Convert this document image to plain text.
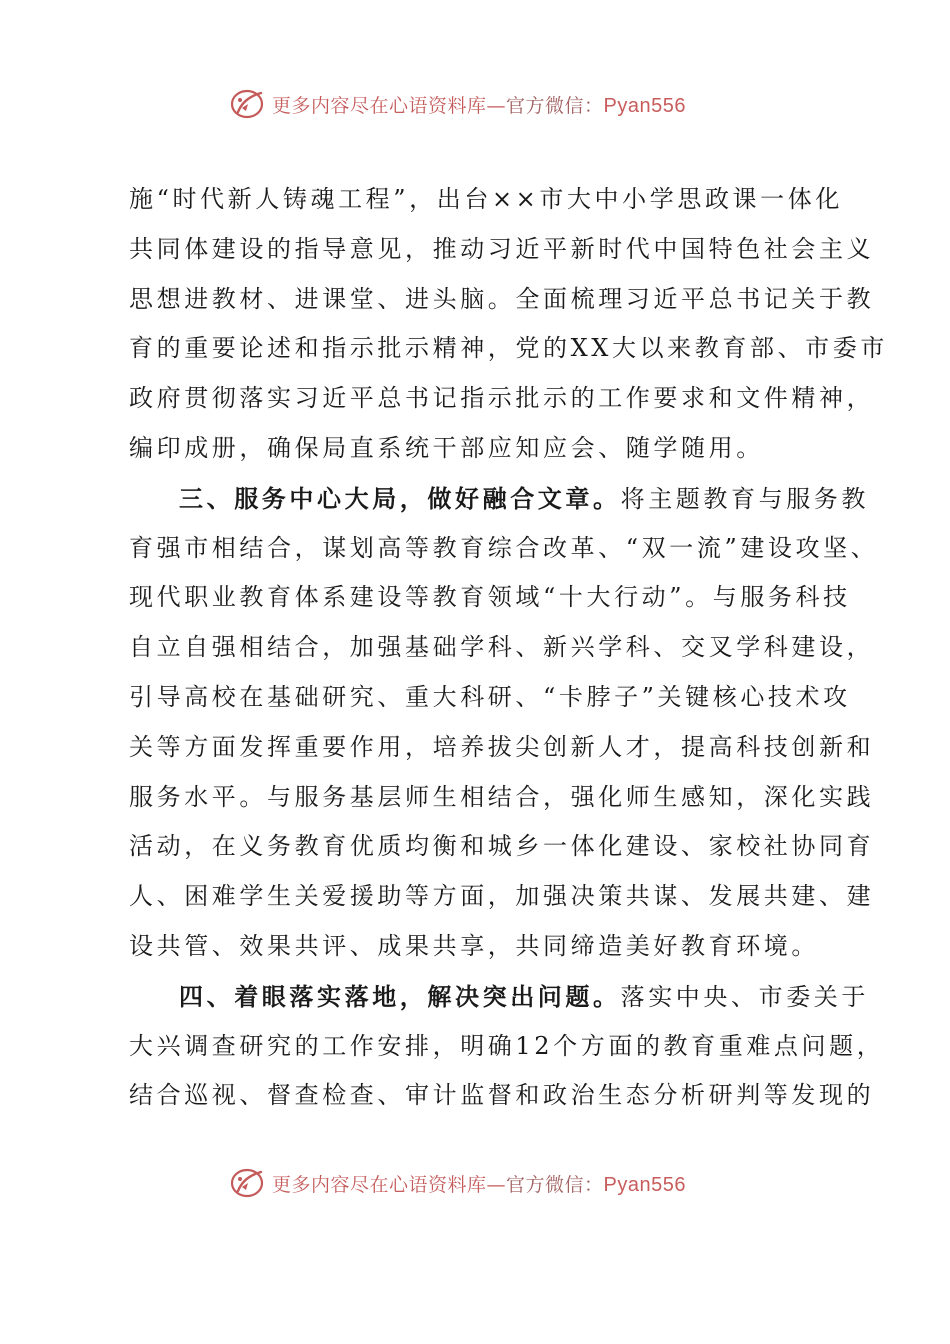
更多内容尽在心语资料库—官方微信：Pyan556
施“时代新人铸魂工程”，出台××市大中小学思政课一体化
共同体建设的指导意见，推动习近平新时代中国特色社会主义
思想进教材、进课堂、进头脑。全面梳理习近平总书记关于教
育的重要论述和指示批示精神，党的XX大以来教育部、市委市
政府贯彻落实习近平总书记指示批示的工作要求和文件精神，
编印成册，确保局直系统干部应知应会、随学随用。
三、服务中心大局，做好融合文章。将主题教育与服务教
育强市相结合，谋划高等教育综合改革、“双一流”建设攻坚、
现代职业教育体系建设等教育领域“十大行动”。与服务科技
自立自强相结合，加强基础学科、新兴学科、交叉学科建设，
引导高校在基础研究、重大科研、“卡脖子”关键核心技术攻
关等方面发挥重要作用，培养拔尖创新人才，提高科技创新和
服务水平。与服务基层师生相结合，强化师生感知，深化实践
活动，在义务教育优质均衡和城乡一体化建设、家校社协同育
人、困难学生关爱援助等方面，加强决策共谋、发展共建、建
设共管、效果共评、成果共享，共同缔造美好教育环境。
四、着眼落实落地，解决突出问题。落实中央、市委关于
大兴调查研究的工作安排，明确12个方面的教育重难点问题，
结合巡视、督查检查、审计监督和政治生态分析研判等发现的
更多内容尽在心语资料库—官方微信：Pyan556
